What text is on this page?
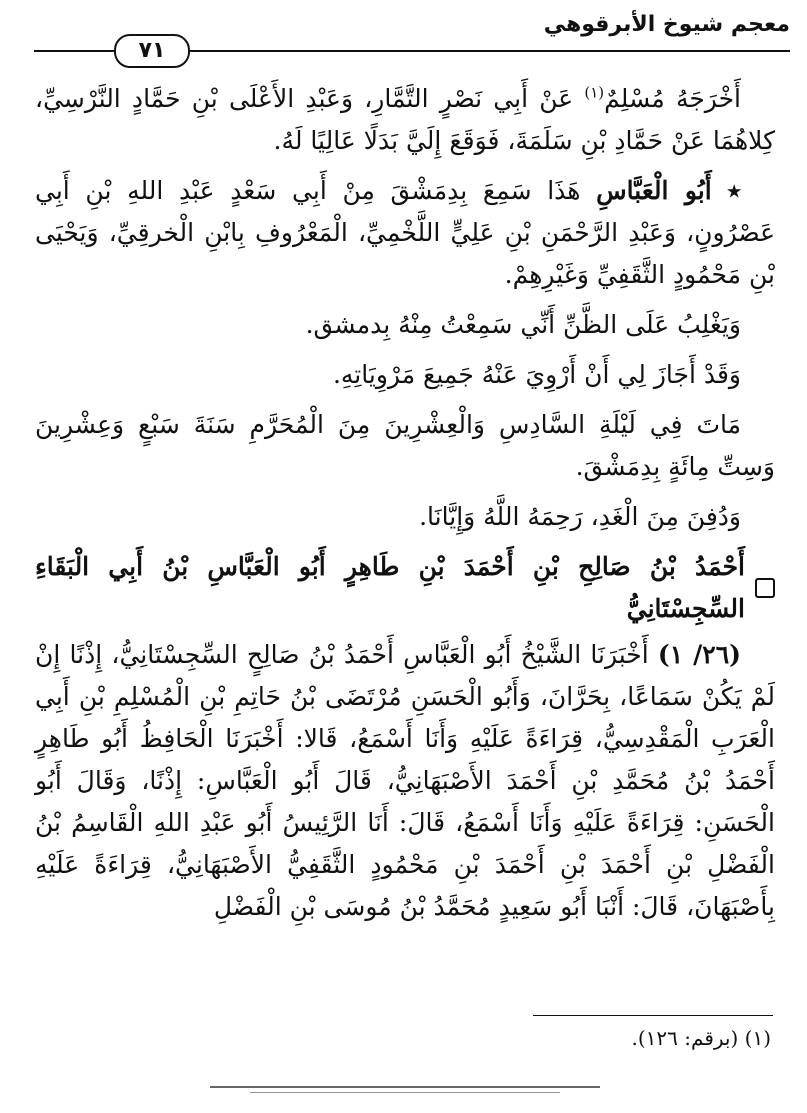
معجم شيوخ الأبرقوهي
٧١

أَخْرَجَهُ مُسْلِمٌ$^{(١)}$ عَنْ أَبِي نَصْرٍ التَّمَّارِ، وَعَبْدِ الأَعْلَى بْنِ حَمَّادٍ النَّرْسِيِّ، كِلاهُمَا عَنْ حَمَّادِ بْنِ سَلَمَةَ، فَوَقَعَ إِلَيَّ بَدَلًا عَالِيًا لَهُ.

٭ أَبُو الْعَبَّاسِ هَذَا سَمِعَ بِدِمَشْقَ مِنْ أَبِي سَعْدٍ عَبْدِ اللهِ بْنِ أَبِي عَصْرُونٍ، وَعَبْدِ الرَّحْمَنِ بْنِ عَلِيٍّ اللَّخْمِيِّ، الْمَعْرُوفِ بِابْنِ الْخرقِيِّ، وَيَحْيَى بْنِ مَحْمُودٍ الثَّقَفِيِّ وَغَيْرِهِمْ.

وَيَغْلِبُ عَلَى الظَّنِّ أَنِّي سَمِعْتُ مِنْهُ بِدمشق.

وَقَدْ أَجَازَ لِي أَنْ أَرْوِيَ عَنْهُ جَمِيعَ مَرْوِيَاتِهِ.

مَاتَ فِي لَيْلَةِ السَّادِسِ وَالْعِشْرِينَ مِنَ الْمُحَرَّمِ سَنَةَ سَبْعٍ وَعِشْرِينَ وَسِتِّ مِائَةٍ بِدِمَشْقَ.

وَدُفِنَ مِنَ الْغَدِ، رَحِمَهُ اللَّهُ وَإِيَّانَا.

أَحْمَدُ بْنُ صَالِحِ بْنِ أَحْمَدَ بْنِ طَاهِرٍ أَبُو الْعَبَّاسِ بْنُ أَبِي الْبَقَاءِ السِّجِسْتَانِيُّ

(٢٦/ ١) أَخْبَرَنَا الشَّيْخُ أَبُو الْعَبَّاسِ أَحْمَدُ بْنُ صَالِحٍ السِّجِسْتَانِيُّ، إِذْنًا إِنْ لَمْ يَكُنْ سَمَاعًا، بِحَرَّانَ، وَأَبُو الْحَسَنِ مُرْتَضَى بْنُ حَاتِمِ بْنِ الْمُسْلِمِ بْنِ أَبِي الْعَرَبِ الْمَقْدِسِيُّ، قِرَاءَةً عَلَيْهِ وَأَنَا أَسْمَعُ، قَالا: أَخْبَرَنَا الْحَافِظُ أَبُو طَاهِرٍ أَحْمَدُ بْنُ مُحَمَّدِ بْنِ أَحْمَدَ الأَصْبَهَانِيُّ، قَالَ أَبُو الْعَبَّاسِ: إِذْنًا، وَقَالَ أَبُو الْحَسَنِ: قِرَاءَةً عَلَيْهِ وَأَنَا أَسْمَعُ، قَالَ: أَنَا الرَّئِيسُ أَبُو عَبْدِ اللهِ الْقَاسِمُ بْنُ الْفَضْلِ بْنِ أَحْمَدَ بْنِ أَحْمَدَ بْنِ مَحْمُودٍ الثَّقَفِيُّ الأَصْبَهَانِيُّ، قِرَاءَةً عَلَيْهِ بِأَصْبَهَانَ، قَالَ: أَنْبَا أَبُو سَعِيدٍ مُحَمَّدُ بْنُ مُوسَى بْنِ الْفَضْلِ

(١) (برقم: ١٢٦).
